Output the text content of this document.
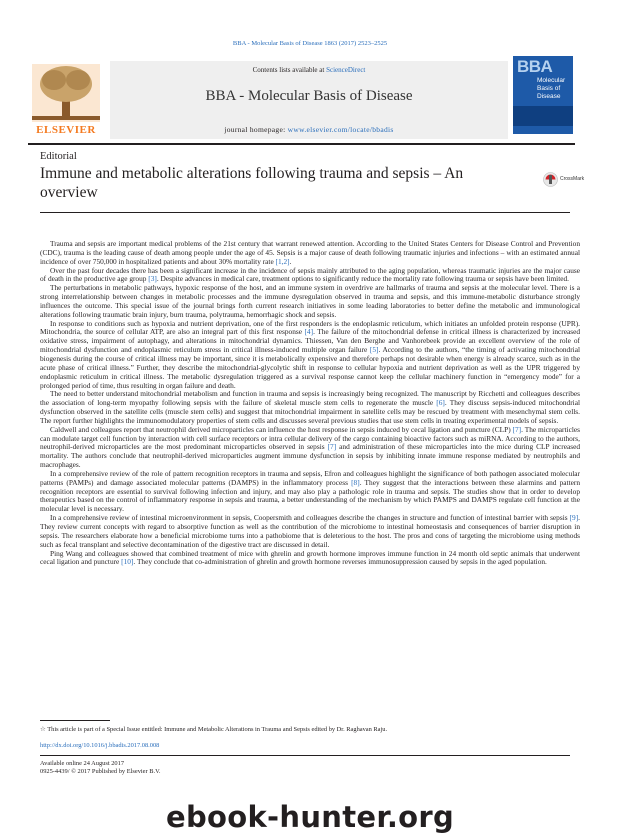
BBA - Molecular Basis of Disease 1863 (2017) 2523–2525
Contents lists available at ScienceDirect
BBA - Molecular Basis of Disease
journal homepage: www.elsevier.com/locate/bbadis
ELSEVIER
BBA
Molecular Basis of Disease
Editorial
Immune and metabolic alterations following trauma and sepsis – An overview
CrossMark

Trauma and sepsis are important medical problems of the 21st century that warrant renewed attention. According to the United States Centers for Disease Control and Prevention (CDC), trauma is the leading cause of death among people under the age of 45. Sepsis is a major cause of death following traumatic injuries and infections – with an estimated annual incidence of over 750,000 in hospitalized patients and about 30% mortality rate [1,2].

Over the past four decades there has been a significant increase in the incidence of sepsis mainly attributed to the aging population, whereas traumatic injuries are the major cause of death in the productive age group [3]. Despite advances in medical care, treatment options to significantly reduce the mortality rate following trauma or sepsis have been limited.

The perturbations in metabolic pathways, hypoxic response of the host, and an immune system in overdrive are hallmarks of trauma and sepsis at the molecular level. There is a strong interrelationship between changes in metabolic processes and the immune dysregulation observed in trauma and sepsis, and this immune-metabolic disturbance strongly influences the outcome. This special issue of the journal brings forth current research initiatives in some leading laboratories to better define the metabolic and immunological alterations following traumatic brain injury, burn trauma, polytrauma, hemorrhagic shock and sepsis.

In response to conditions such as hypoxia and nutrient deprivation, one of the first responders is the endoplasmic reticulum, which initiates an unfolded protein response (UPR). Mitochondria, the source of cellular ATP, are also an integral part of this first response [4]. The failure of the mitochondrial defense in critical illness is characterized by increased oxidative stress, impairment of autophagy, and alterations in mitochondrial dynamics. Thiessen, Van den Berghe and Vanhorebeek provide an excellent overview of the role of mitochondrial dysfunction and endoplasmic reticulum stress in critical illness-induced multiple organ failure [5]. According to the authors, “the timing of activating mitochondrial biogenesis during the course of critical illness may be important, since it is metabolically expensive and therefore perhaps not desirable when energy is already scarce, such as in the acute phase of critical illness.” Further, they describe the mitochondrial-glycolytic shift in response to cellular hypoxia and nutrient deprivation as well as the UPR triggered by endoplasmic reticulum in critical illness. The metabolic dysregulation triggered as a survival response cannot keep the cellular machinery function in “emergency mode” for a prolonged period of time, thus resulting in organ failure and death.

The need to better understand mitochondrial metabolism and function in trauma and sepsis is increasingly being recognized. The manuscript by Ricchetti and colleagues describes the association of long-term myopathy following sepsis with the failure of skeletal muscle stem cells to regenerate the muscle [6]. They discuss sepsis-induced mitochondrial dysfunction observed in the satellite cells (muscle stem cells) and suggest that mitochondrial impairment in satellite cells may be rescued by treatment with mesenchymal stem cells. The report further highlights the immunomodulatory properties of stem cells and discusses several previous studies that use stem cells in treating experimental models of sepsis.

Caldwell and colleagues report that neutrophil derived microparticles can influence the host response in sepsis induced by cecal ligation and puncture (CLP) [7]. The microparticles can modulate target cell function by interaction with cell surface receptors or intra cellular delivery of the cargo containing bioactive factors such as miRNA. According to the authors, neutrophil-derived microparticles are the most predominant microparticles observed in sepsis [7] and administration of these microparticles into the mice during CLP increased mortality. The authors conclude that neutrophil-derived microparticles augment immune dysfunction in sepsis by inhibiting innate immune response mediated by neutrophils and macrophages.

In a comprehensive review of the role of pattern recognition receptors in trauma and sepsis, Efron and colleagues highlight the significance of both pathogen associated molecular patterns (PAMPs) and damage associated molecular patterns (DAMPS) in the inflammatory process [8]. They suggest that the interactions between these alarmins and pattern recognition receptors are essential to survival following infection and injury, and may also play a pathologic role in trauma and sepsis. The studies show that in order to develop therapeutics based on the control of inflammatory response in sepsis and trauma, a better understanding of the mechanism by which PAMPS and DAMPS regulate cell function at the molecular level is necessary.

In a comprehensive review of intestinal microenvironment in sepsis, Coopersmith and colleagues describe the changes in structure and function of intestinal barrier with sepsis [9]. They review current concepts with regard to absorptive function as well as the contribution of the microbiome to intestinal homeostasis and consequences of barrier disruption in sepsis. The researchers elaborate how a beneficial microbiome turns into a pathobiome that is deleterious to the host. The pros and cons of targeting the microbiome using methods such as fecal transplant and selective decontamination of the digestive tract are discussed in detail.

Ping Wang and colleagues showed that combined treatment of mice with ghrelin and growth hormone improves immune function in 24 month old septic animals that underwent cecal ligation and puncture [10]. They conclude that co-administration of ghrelin and growth hormone reverses immunosuppression caused by sepsis in the aged population.

☆ This article is part of a Special Issue entitled: Immune and Metabolic Alterations in Trauma and Sepsis edited by Dr. Raghavan Raju.
http://dx.doi.org/10.1016/j.bbadis.2017.08.008
Available online 24 August 2017
0925-4439/ © 2017 Published by Elsevier B.V.
ebook-hunter.org
